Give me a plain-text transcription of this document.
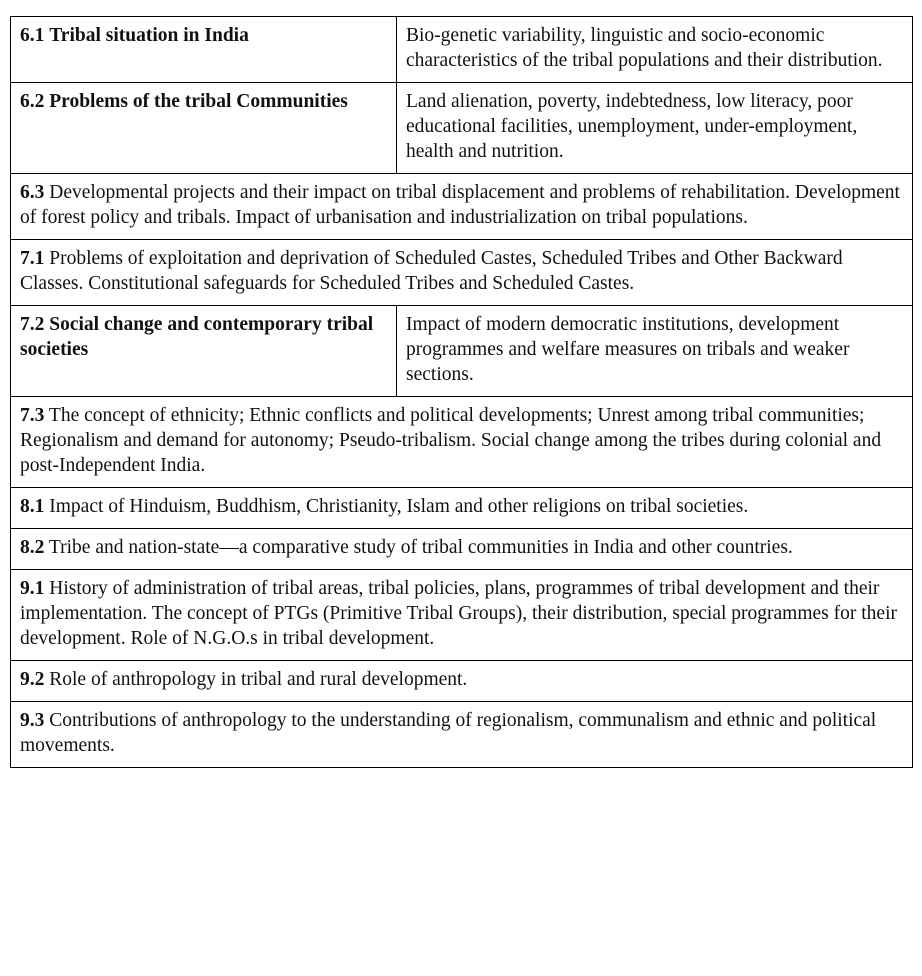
6.1 Tribal situation in India	Bio-genetic variability, linguistic and socio-economic characteristics of the tribal populations and their distribution.
6.2 Problems of the tribal Communities	Land alienation, poverty, indebtedness, low literacy, poor educational facilities, unemployment, under-employment, health and nutrition.
6.3 Developmental projects and their impact on tribal displacement and problems of rehabilitation. Development of forest policy and tribals. Impact of urbanisation and industrialization on tribal populations.	
7.1 Problems of exploitation and deprivation of Scheduled Castes, Scheduled Tribes and Other Backward Classes. Constitutional safeguards for Scheduled Tribes and Scheduled Castes.	
7.2 Social change and contemporary tribal societies	Impact of modern democratic institutions, development programmes and welfare measures on tribals and weaker sections.
7.3 The concept of ethnicity; Ethnic conflicts and political developments; Unrest among tribal communities; Regionalism and demand for autonomy; Pseudo-tribalism. Social change among the tribes during colonial and post-Independent India.	
8.1 Impact of Hinduism, Buddhism, Christianity, Islam and other religions on tribal societies.	
8.2 Tribe and nation-state—a comparative study of tribal communities in India and other countries.	
9.1 History of administration of tribal areas, tribal policies, plans, programmes of tribal development and their implementation. The concept of PTGs (Primitive Tribal Groups), their distribution, special programmes for their development. Role of N.G.O.s in tribal development.	
9.2 Role of anthropology in tribal and rural development.	
9.3 Contributions of anthropology to the understanding of regionalism, communalism and ethnic and political movements.	
